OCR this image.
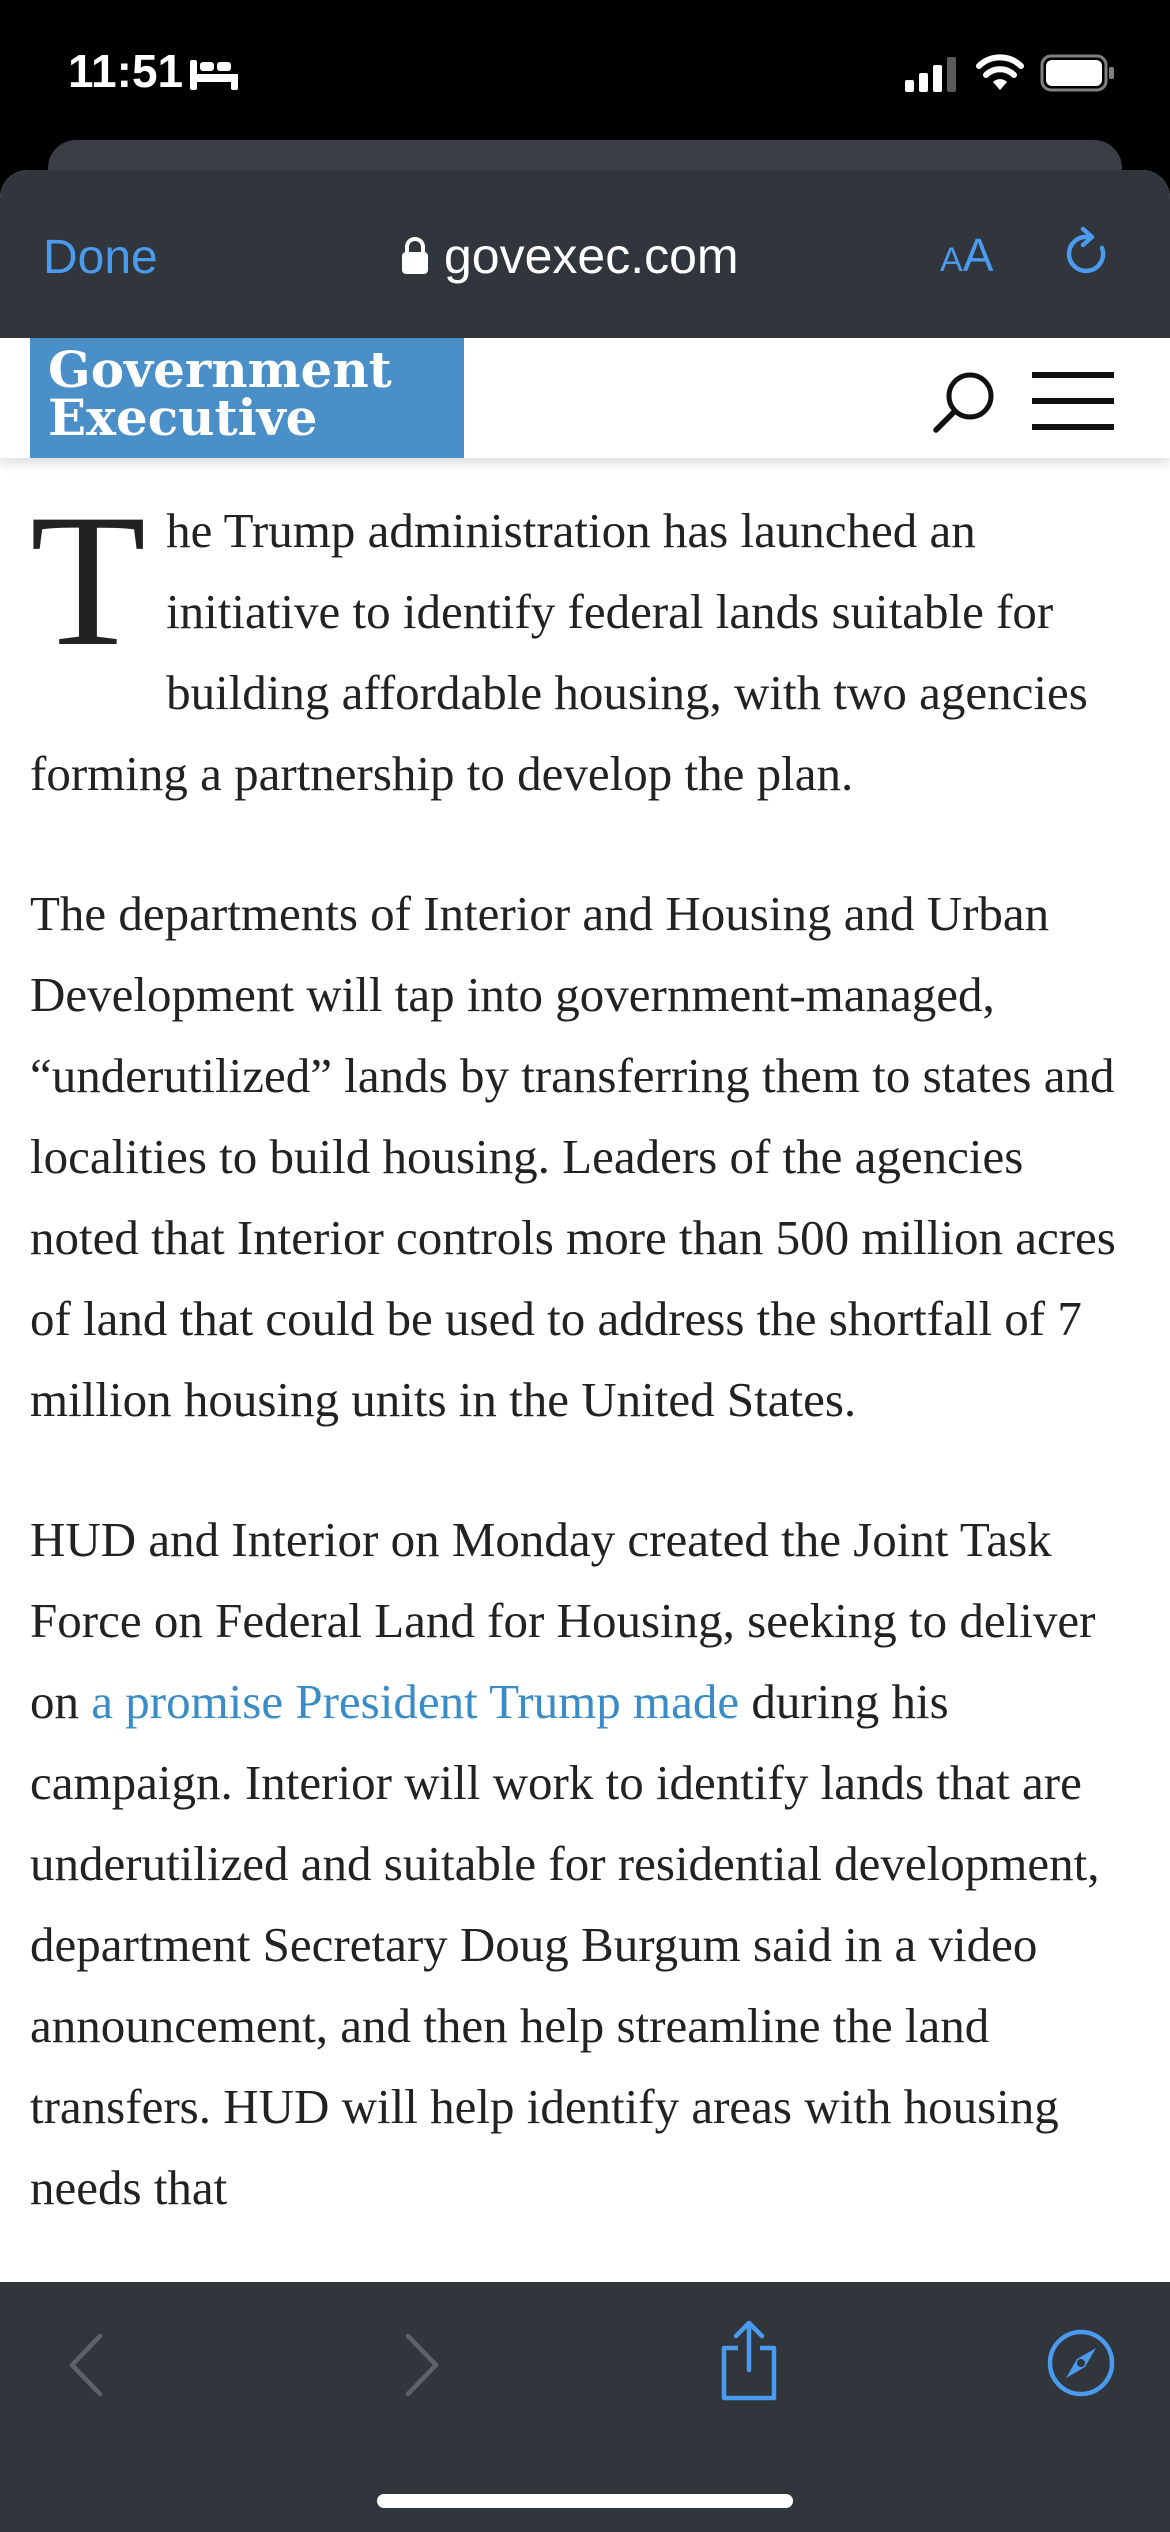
11:51
Done	govexec.com	AA
Government
Executive

The Trump administration has launched an initiative to identify federal lands suitable for building affordable housing, with two agencies forming a partnership to develop the plan.

The departments of Interior and Housing and Urban Development will tap into government-managed, “underutilized” lands by transferring them to states and localities to build housing. Leaders of the agencies noted that Interior controls more than 500 million acres of land that could be used to address the shortfall of 7 million housing units in the United States.

HUD and Interior on Monday created the Joint Task Force on Federal Land for Housing, seeking to deliver on a promise President Trump made during his campaign. Interior will work to identify lands that are underutilized and suitable for residential development, department Secretary Doug Burgum said in a video announcement, and then help streamline the land transfers. HUD will help identify areas with housing needs that
